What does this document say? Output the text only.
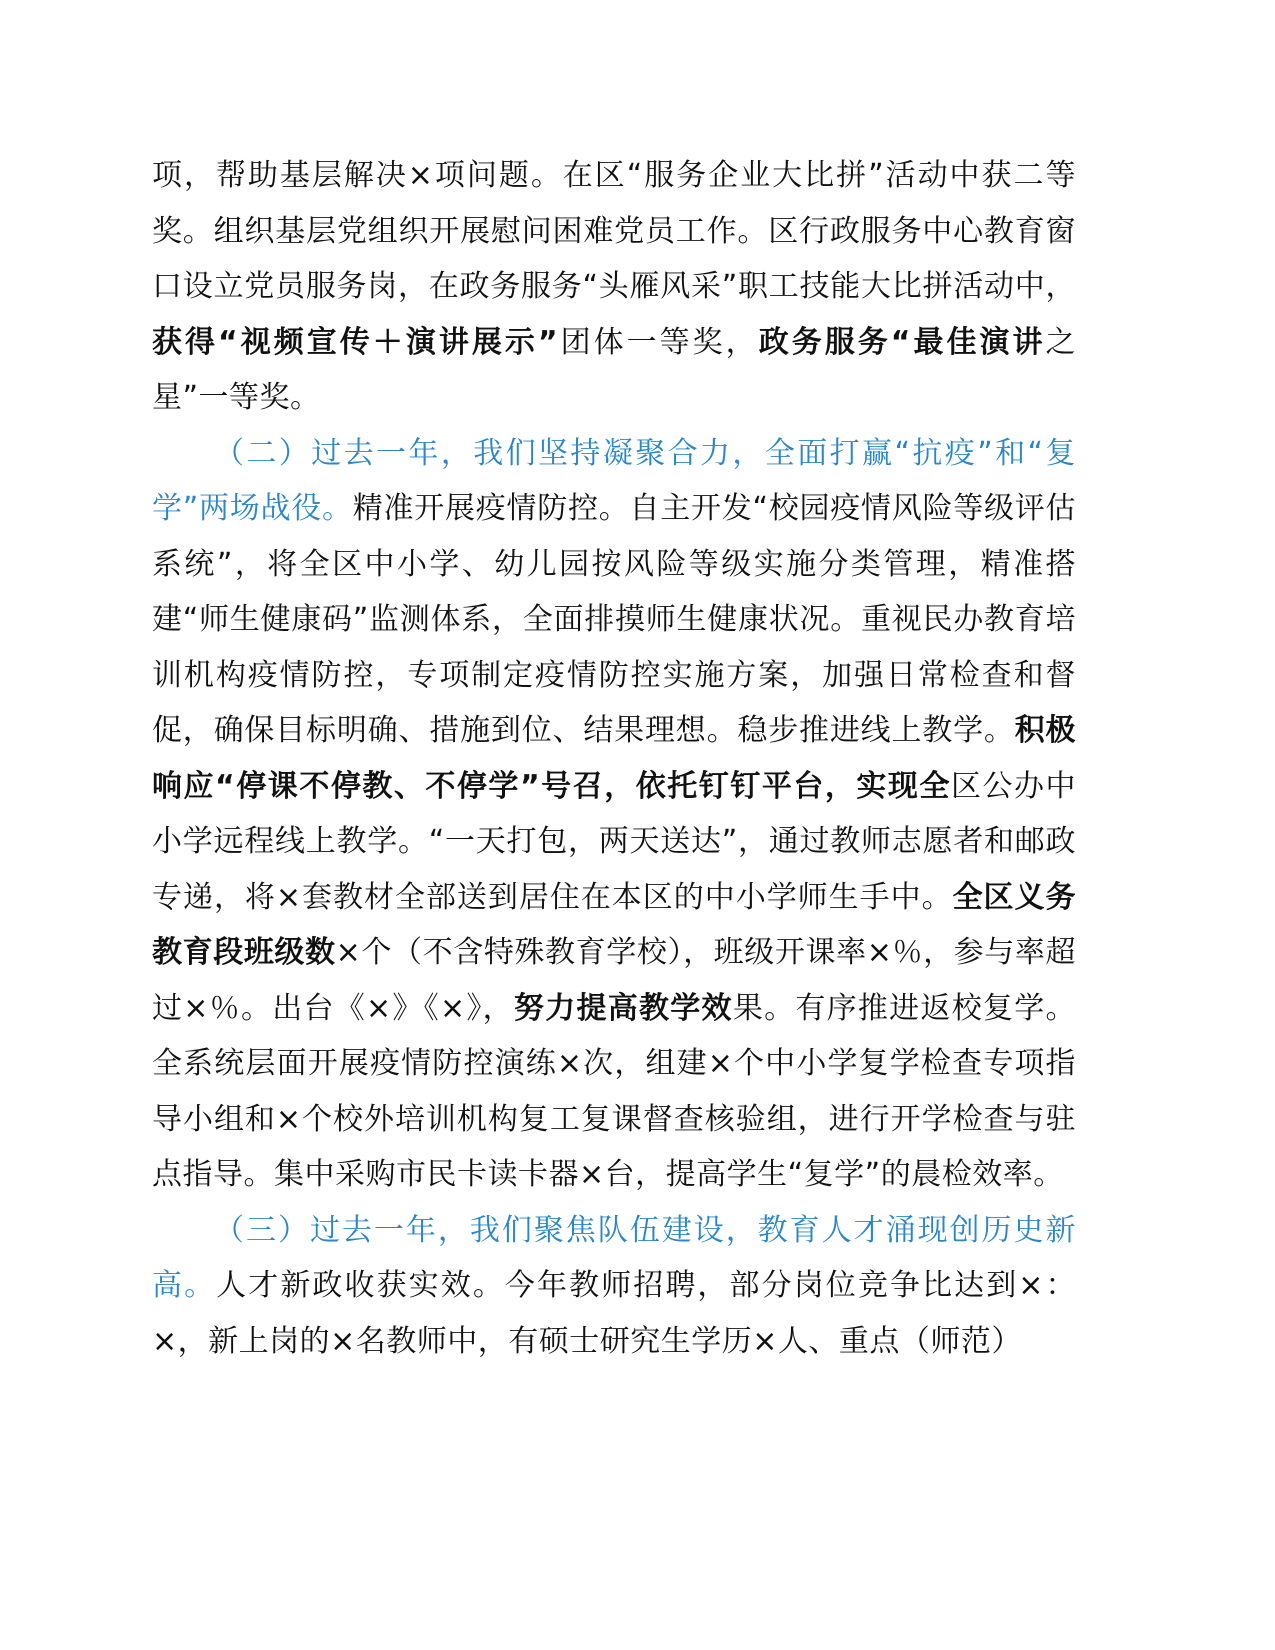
项，帮助基层解决×项问题。在区“服务企业大比拼”活动中获二等奖。组织基层党组织开展慰问困难党员工作。区行政服务中心教育窗口设立党员服务岗，在政务服务“头雁风采”职工技能大比拼活动中，获得“视频宣传＋演讲展示”团体一等奖，政务服务“最佳演讲之星”一等奖。

（二）过去一年，我们坚持凝聚合力，全面打赢“抗疫”和“复学”两场战役。精准开展疫情防控。自主开发“校园疫情风险等级评估系统”，将全区中小学、幼儿园按风险等级实施分类管理，精准搭建“师生健康码”监测体系，全面排摸师生健康状况。重视民办教育培训机构疫情防控，专项制定疫情防控实施方案，加强日常检查和督促，确保目标明确、措施到位、结果理想。稳步推进线上教学。积极响应“停课不停教、不停学”号召，依托钉钉平台，实现全区公办中小学远程线上教学。“一天打包，两天送达”，通过教师志愿者和邮政专递，将×套教材全部送到居住在本区的中小学师生手中。全区义务教育段班级数×个（不含特殊教育学校），班级开课率×％，参与率超过×％。出台《×》《×》，努力提高教学效果。有序推进返校复学。全系统层面开展疫情防控演练×次，组建×个中小学复学检查专项指导小组和×个校外培训机构复工复课督查核验组，进行开学检查与驻点指导。集中采购市民卡读卡器×台，提高学生“复学”的晨检效率。

（三）过去一年，我们聚焦队伍建设，教育人才涌现创历史新高。人才新政收获实效。今年教师招聘，部分岗位竞争比达到×：×，新上岗的×名教师中，有硕士研究生学历×人、重点（师范）
